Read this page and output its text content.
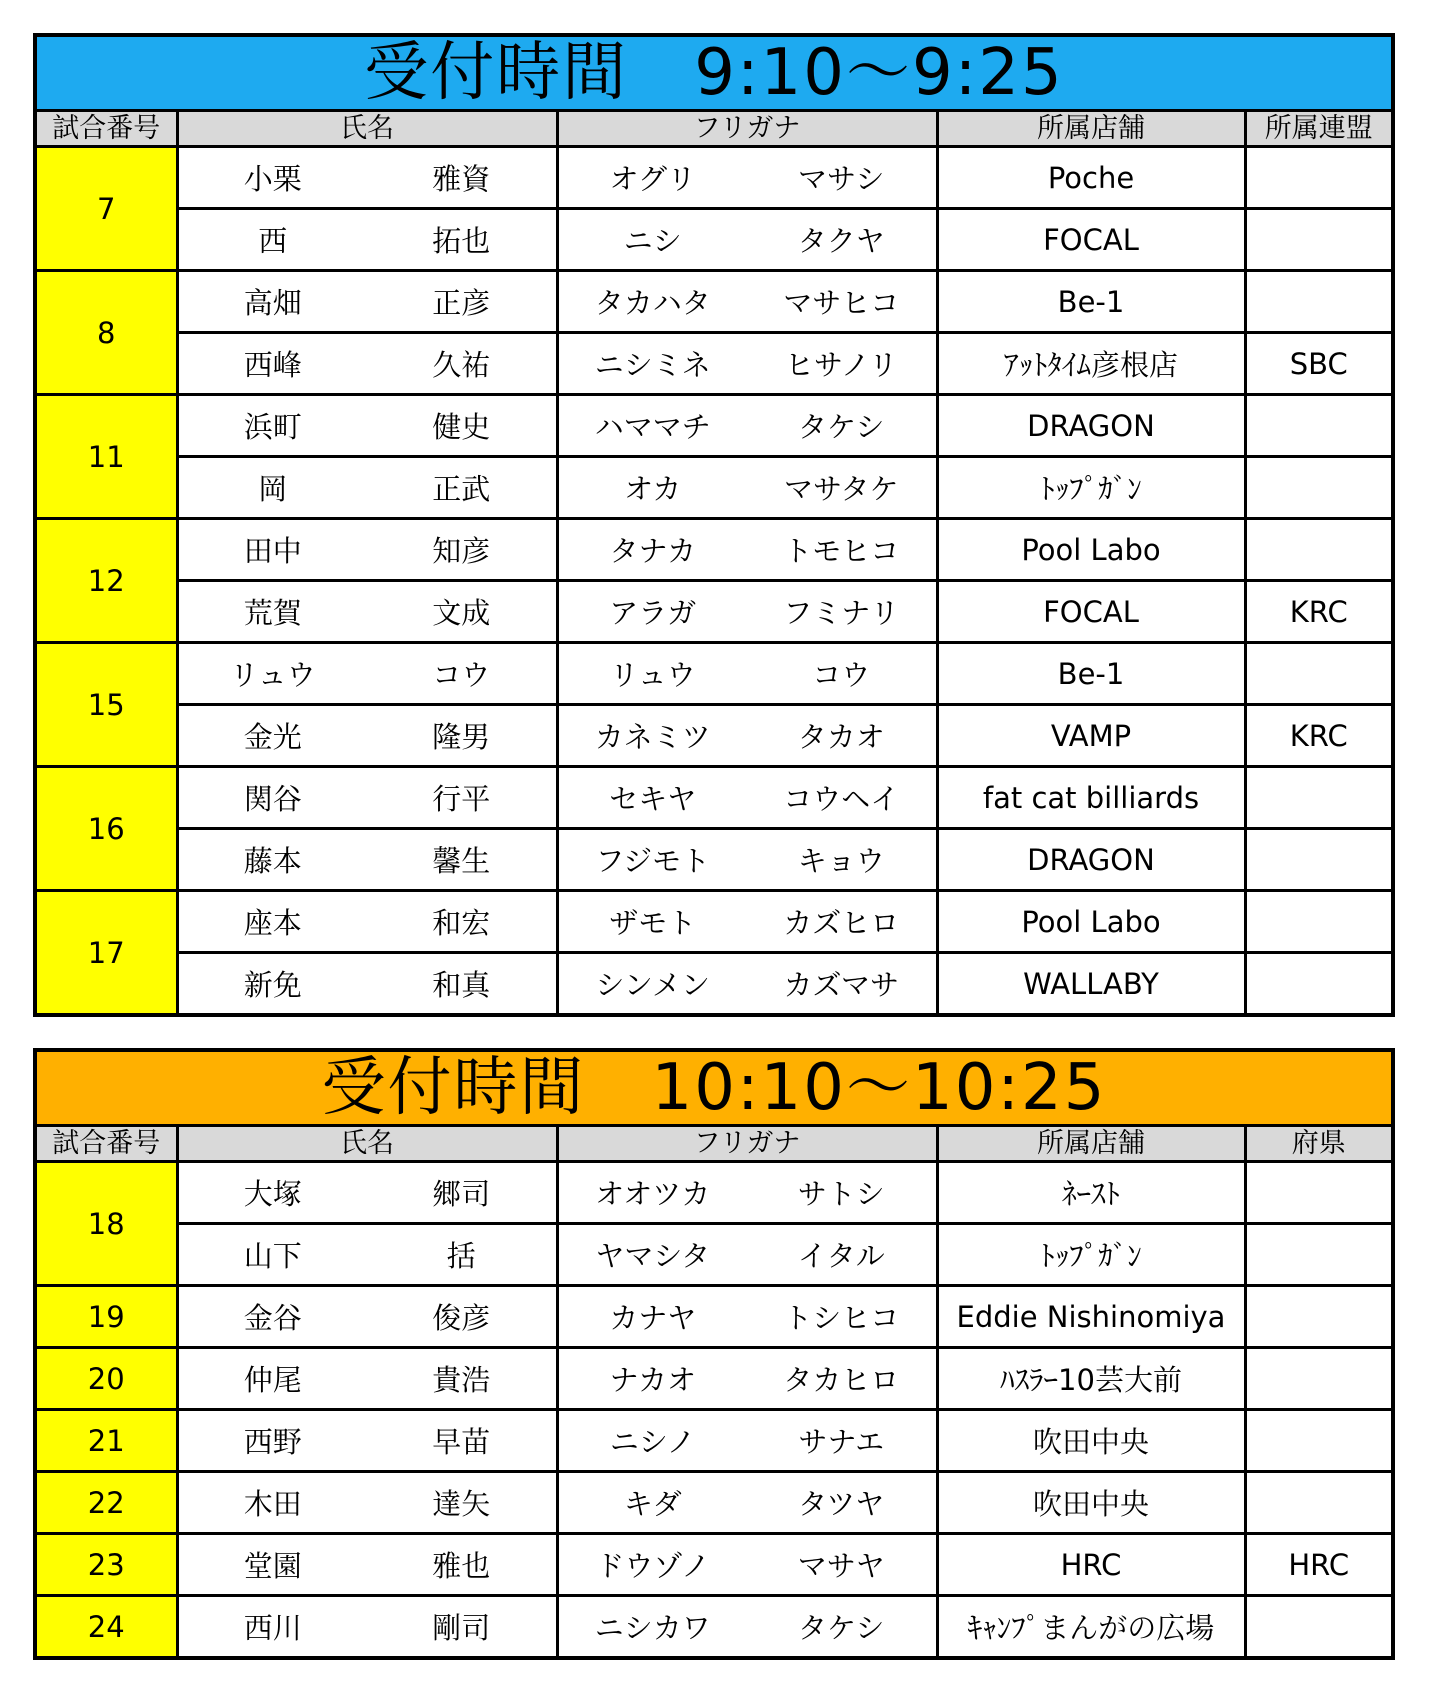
受付時間　9:10～9:25
試合番号	氏名		フリガナ		所属店舗	所属連盟
7	小栗	雅資	オグリ	マサシ	Poche	
	西	拓也	ニシ	タクヤ	FOCAL	
8	高畑	正彦	タカハタ	マサヒコ	Be-1	
	西峰	久祐	ニシミネ	ヒサノリ	ｱｯﾄﾀｲﾑ彦根店	SBC
11	浜町	健史	ハママチ	タケシ	DRAGON	
	岡	正武	オカ	マサタケ	ﾄｯﾌﾟｶﾞﾝ	
12	田中	知彦	タナカ	トモヒコ	Pool Labo	
	荒賀	文成	アラガ	フミナリ	FOCAL	KRC
15	リュウ	コウ	リュウ	コウ	Be-1	
	金光	隆男	カネミツ	タカオ	VAMP	KRC
16	関谷	行平	セキヤ	コウヘイ	fat cat billiards	
	藤本	馨生	フジモト	キョウ	DRAGON	
17	座本	和宏	ザモト	カズヒロ	Pool Labo	
	新免	和真	シンメン	カズマサ	WALLABY	
受付時間　10:10～10:25
試合番号	氏名		フリガナ		所属店舗	府県
18	大塚	郷司	オオツカ	サトシ	ﾈｰｽﾄ	
	山下	括	ヤマシタ	イタル	ﾄｯﾌﾟｶﾞﾝ	
19	金谷	俊彦	カナヤ	トシヒコ	Eddie Nishinomiya	
20	仲尾	貴浩	ナカオ	タカヒロ	ﾊｽﾗｰ10芸大前	
21	西野	早苗	ニシノ	サナエ	吹田中央	
22	木田	達矢	キダ	タツヤ	吹田中央	
23	堂園	雅也	ドウゾノ	マサヤ	HRC	HRC
24	西川	剛司	ニシカワ	タケシ	ｷｬﾝﾌﾟまんがの広場	
